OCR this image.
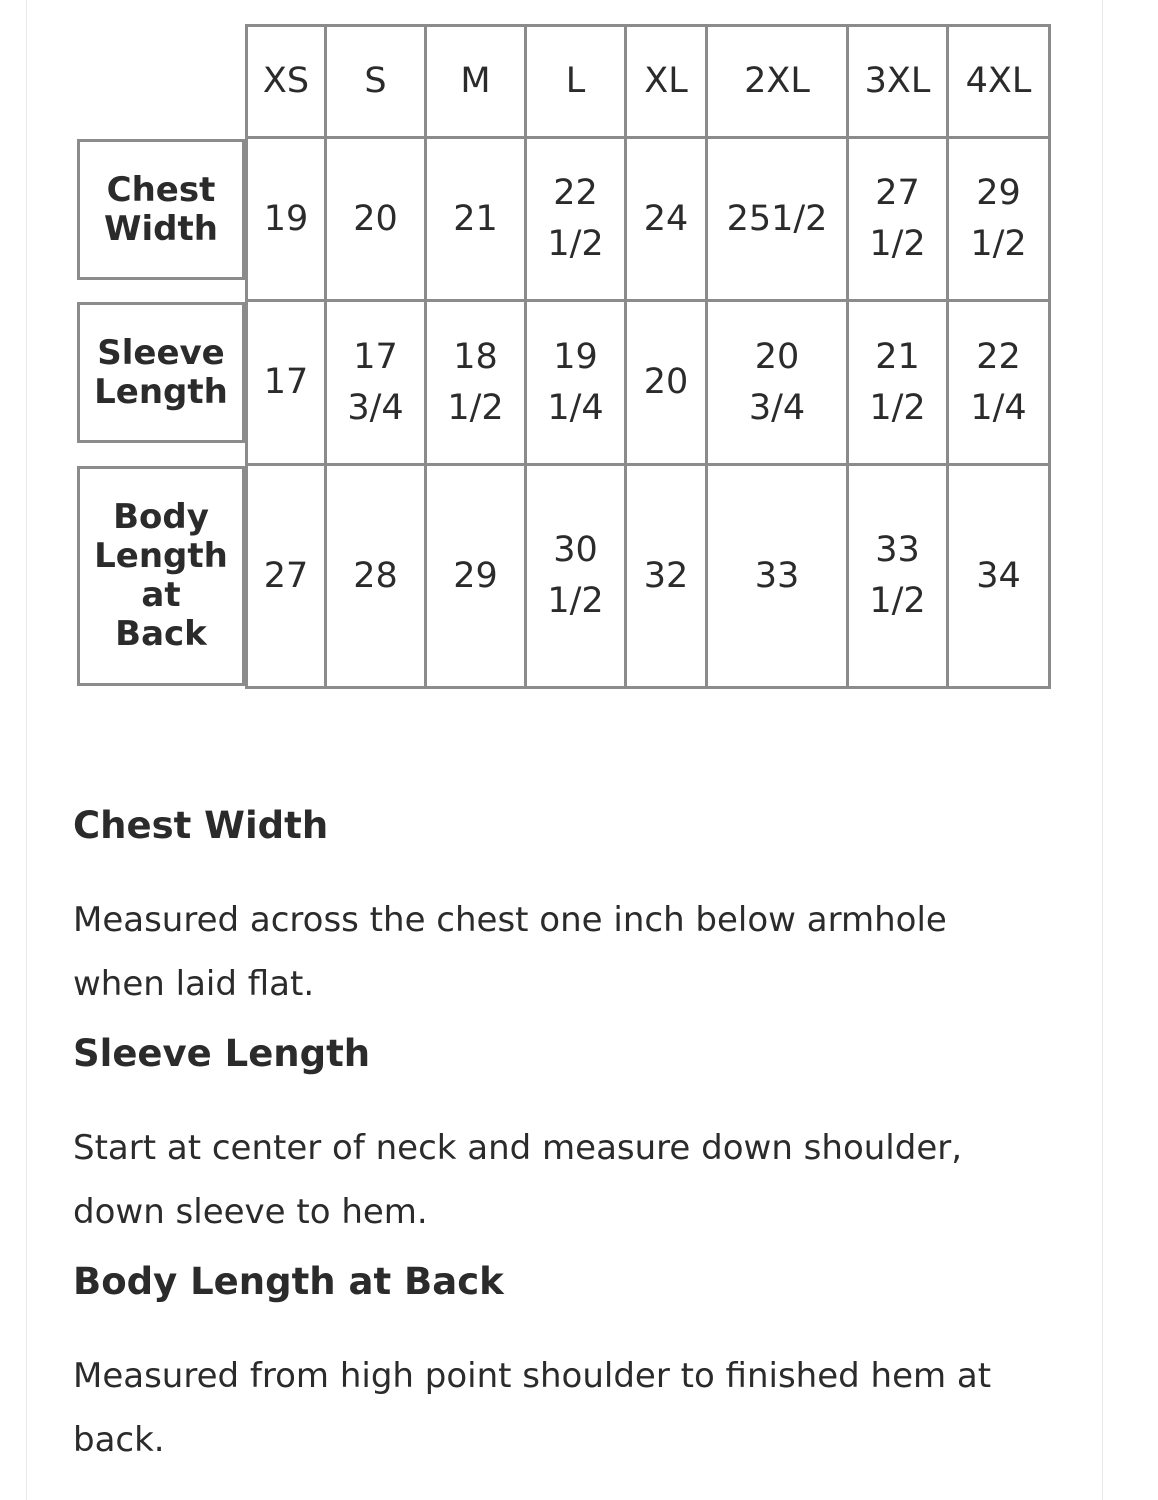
XS S M L XL 2XL 3XL 4XL
Chest
Width 19 20 21
22
1/2
24 251/2
27
1/2
29
1/2
Sleeve
Length 17
17
3/4
18
1/2
19
1/4
20
20
3/4
21
1/2
22
1/4
Body
Length
at
Back
27 28 29
30
1/2
32 33
33
1/2
34
Chest Width

Measured across the chest one inch below armhole when laid flat.

Sleeve Length

Start at center of neck and measure down shoulder, down sleeve to hem.

Body Length at Back

Measured from high point shoulder to finished hem at back.
